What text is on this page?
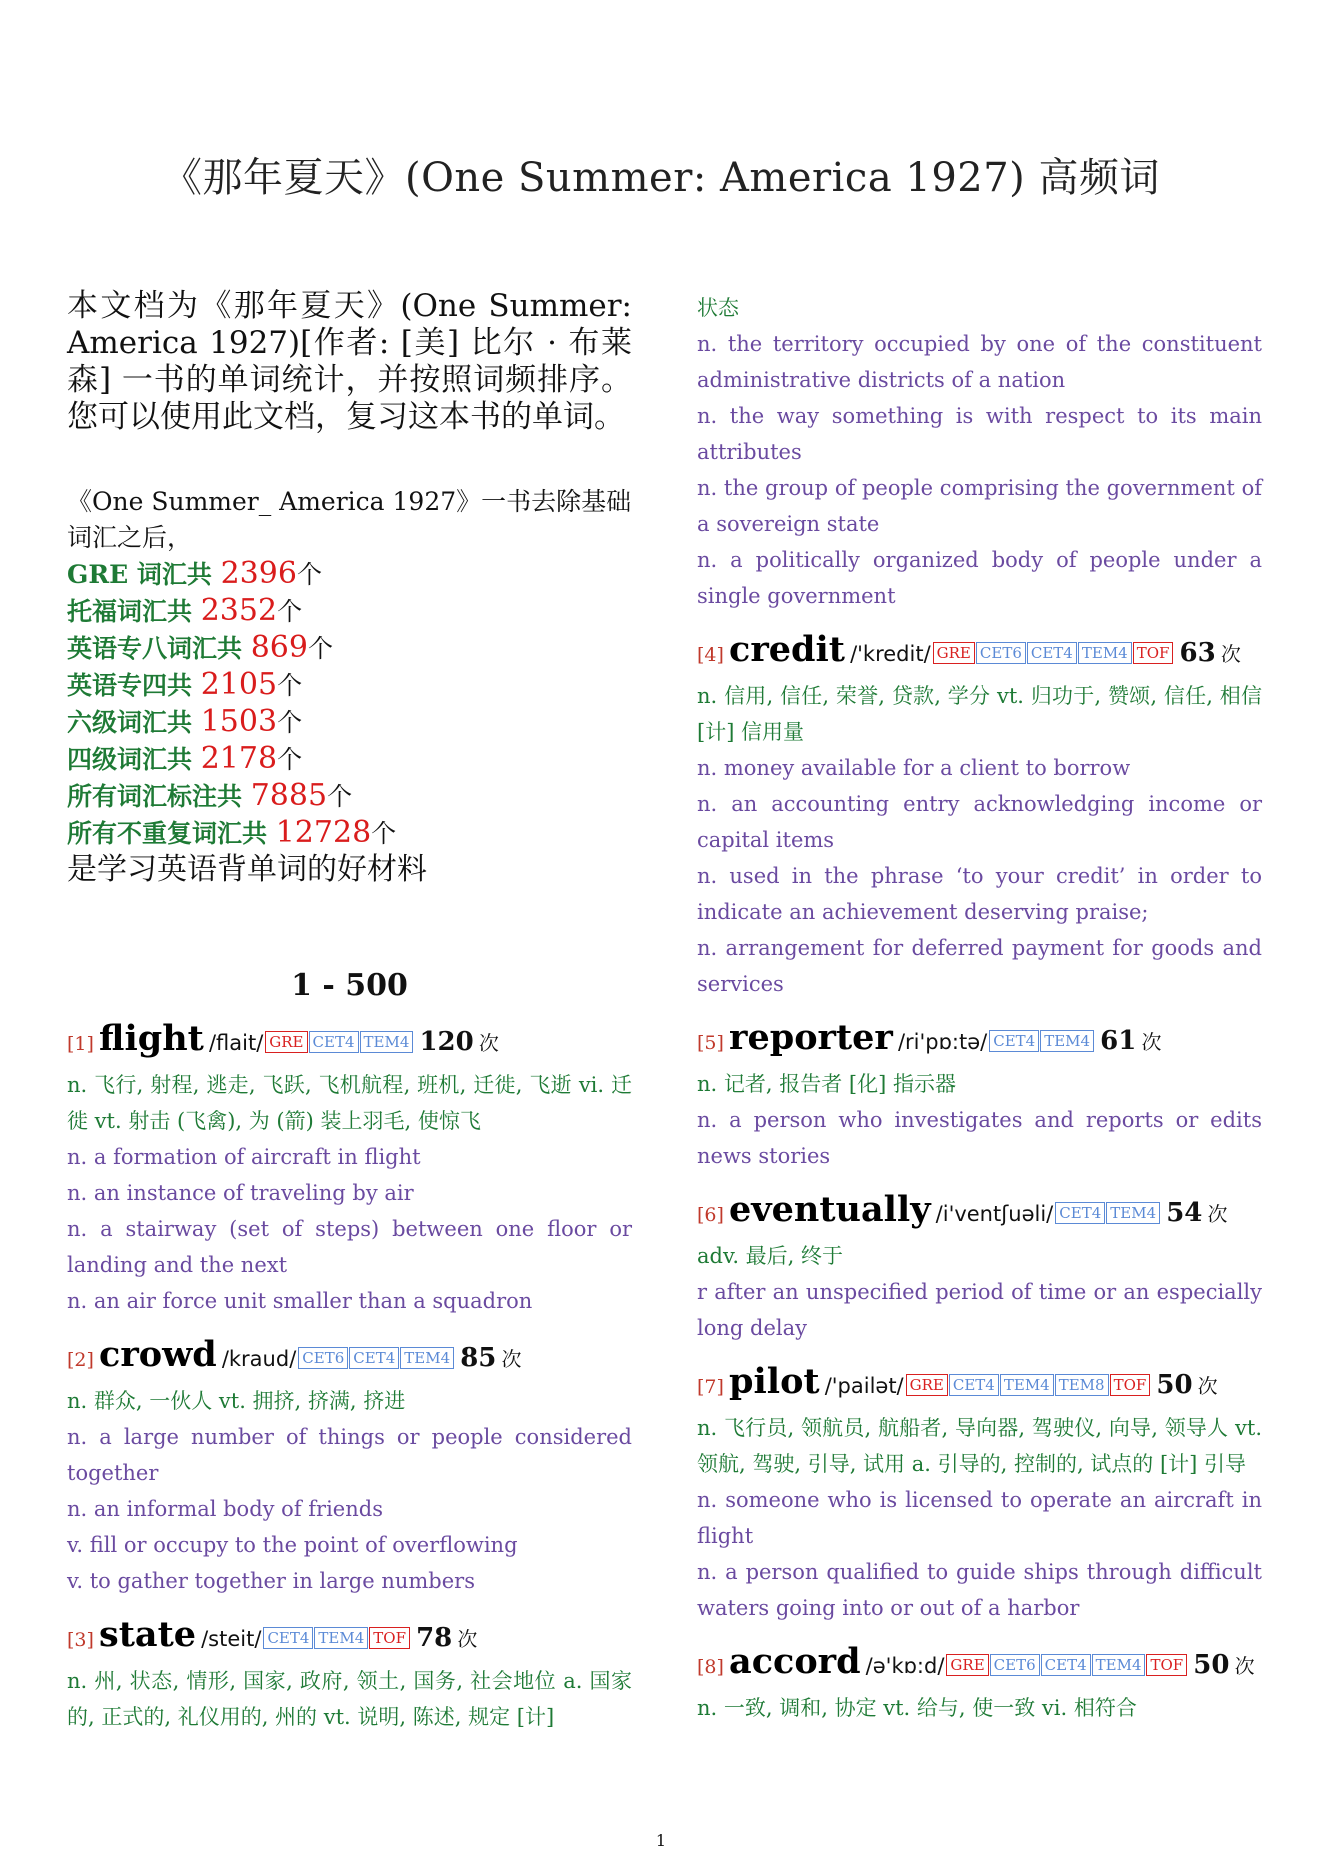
《那年夏天》(One Summer: America 1927) 高频词

本文档为《那年夏天》(One Summer: America 1927)[作者: [美] 比尔 · 布莱森] 一书的单词统计，并按照词频排序。您可以使用此文档，复习这本书的单词。

《One Summer_ America 1927》一书去除基础词汇之后，
GRE 词汇共 2396个
托福词汇共 2352个
英语专八词汇共 869个
英语专四共 2105个
六级词汇共 1503个
四级词汇共 2178个
所有词汇标注共 7885个
所有不重复词汇共 12728个
是学习英语背单词的好材料
1 - 500
[1] flight /flait/ GRE CET4 TEM4 120 次

n. 飞行, 射程, 逃走, 飞跃, 飞机航程, 班机, 迁徙, 飞逝 vi. 迁徙 vt. 射击 (飞禽), 为 (箭) 装上羽毛, 使惊飞

n. a formation of aircraft in flight

n. an instance of traveling by air

n. a stairway (set of steps) between one floor or landing and the next

n. an air force unit smaller than a squadron

[2] crowd /kraud/ CET6 CET4 TEM4 85 次

n. 群众, 一伙人 vt. 拥挤, 挤满, 挤进

n. a large number of things or people considered together

n. an informal body of friends

v. fill or occupy to the point of overflowing

v. to gather together in large numbers

[3] state /steit/ CET4 TEM4 TOF 78 次

n. 州, 状态, 情形, 国家, 政府, 领土, 国务, 社会地位 a. 国家的, 正式的, 礼仪用的, 州的 vt. 说明, 陈述, 规定 [计]

状态

n. the territory occupied by one of the constituent administrative districts of a nation

n. the way something is with respect to its main attributes

n. the group of people comprising the government of a sovereign state

n. a politically organized body of people under a single government

[4] credit /'kredit/ GRE CET6 CET4 TEM4 TOF 63 次

n. 信用, 信任, 荣誉, 贷款, 学分 vt. 归功于, 赞颂, 信任, 相信 [计] 信用量

n. money available for a client to borrow

n. an accounting entry acknowledging income or capital items

n. used in the phrase ‘to your credit’ in order to indicate an achievement deserving praise;

n. arrangement for deferred payment for goods and services

[5] reporter /ri'pɒ:tə/ CET4 TEM4 61 次

n. 记者, 报告者 [化] 指示器

n. a person who investigates and reports or edits news stories

[6] eventually /i'ventʃuəli/ CET4 TEM4 54 次

adv. 最后, 终于

r after an unspecified period of time or an especially long delay

[7] pilot /'pailət/ GRE CET4 TEM4 TEM8 TOF 50 次

n. 飞行员, 领航员, 航船者, 导向器, 驾驶仪, 向导, 领导人 vt. 领航, 驾驶, 引导, 试用 a. 引导的, 控制的, 试点的 [计] 引导

n. someone who is licensed to operate an aircraft in flight

n. a person qualified to guide ships through difficult waters going into or out of a harbor

[8] accord /ə'kɒ:d/ GRE CET6 CET4 TEM4 TOF 50 次

n. 一致, 调和, 协定 vt. 给与, 使一致 vi. 相符合

1
